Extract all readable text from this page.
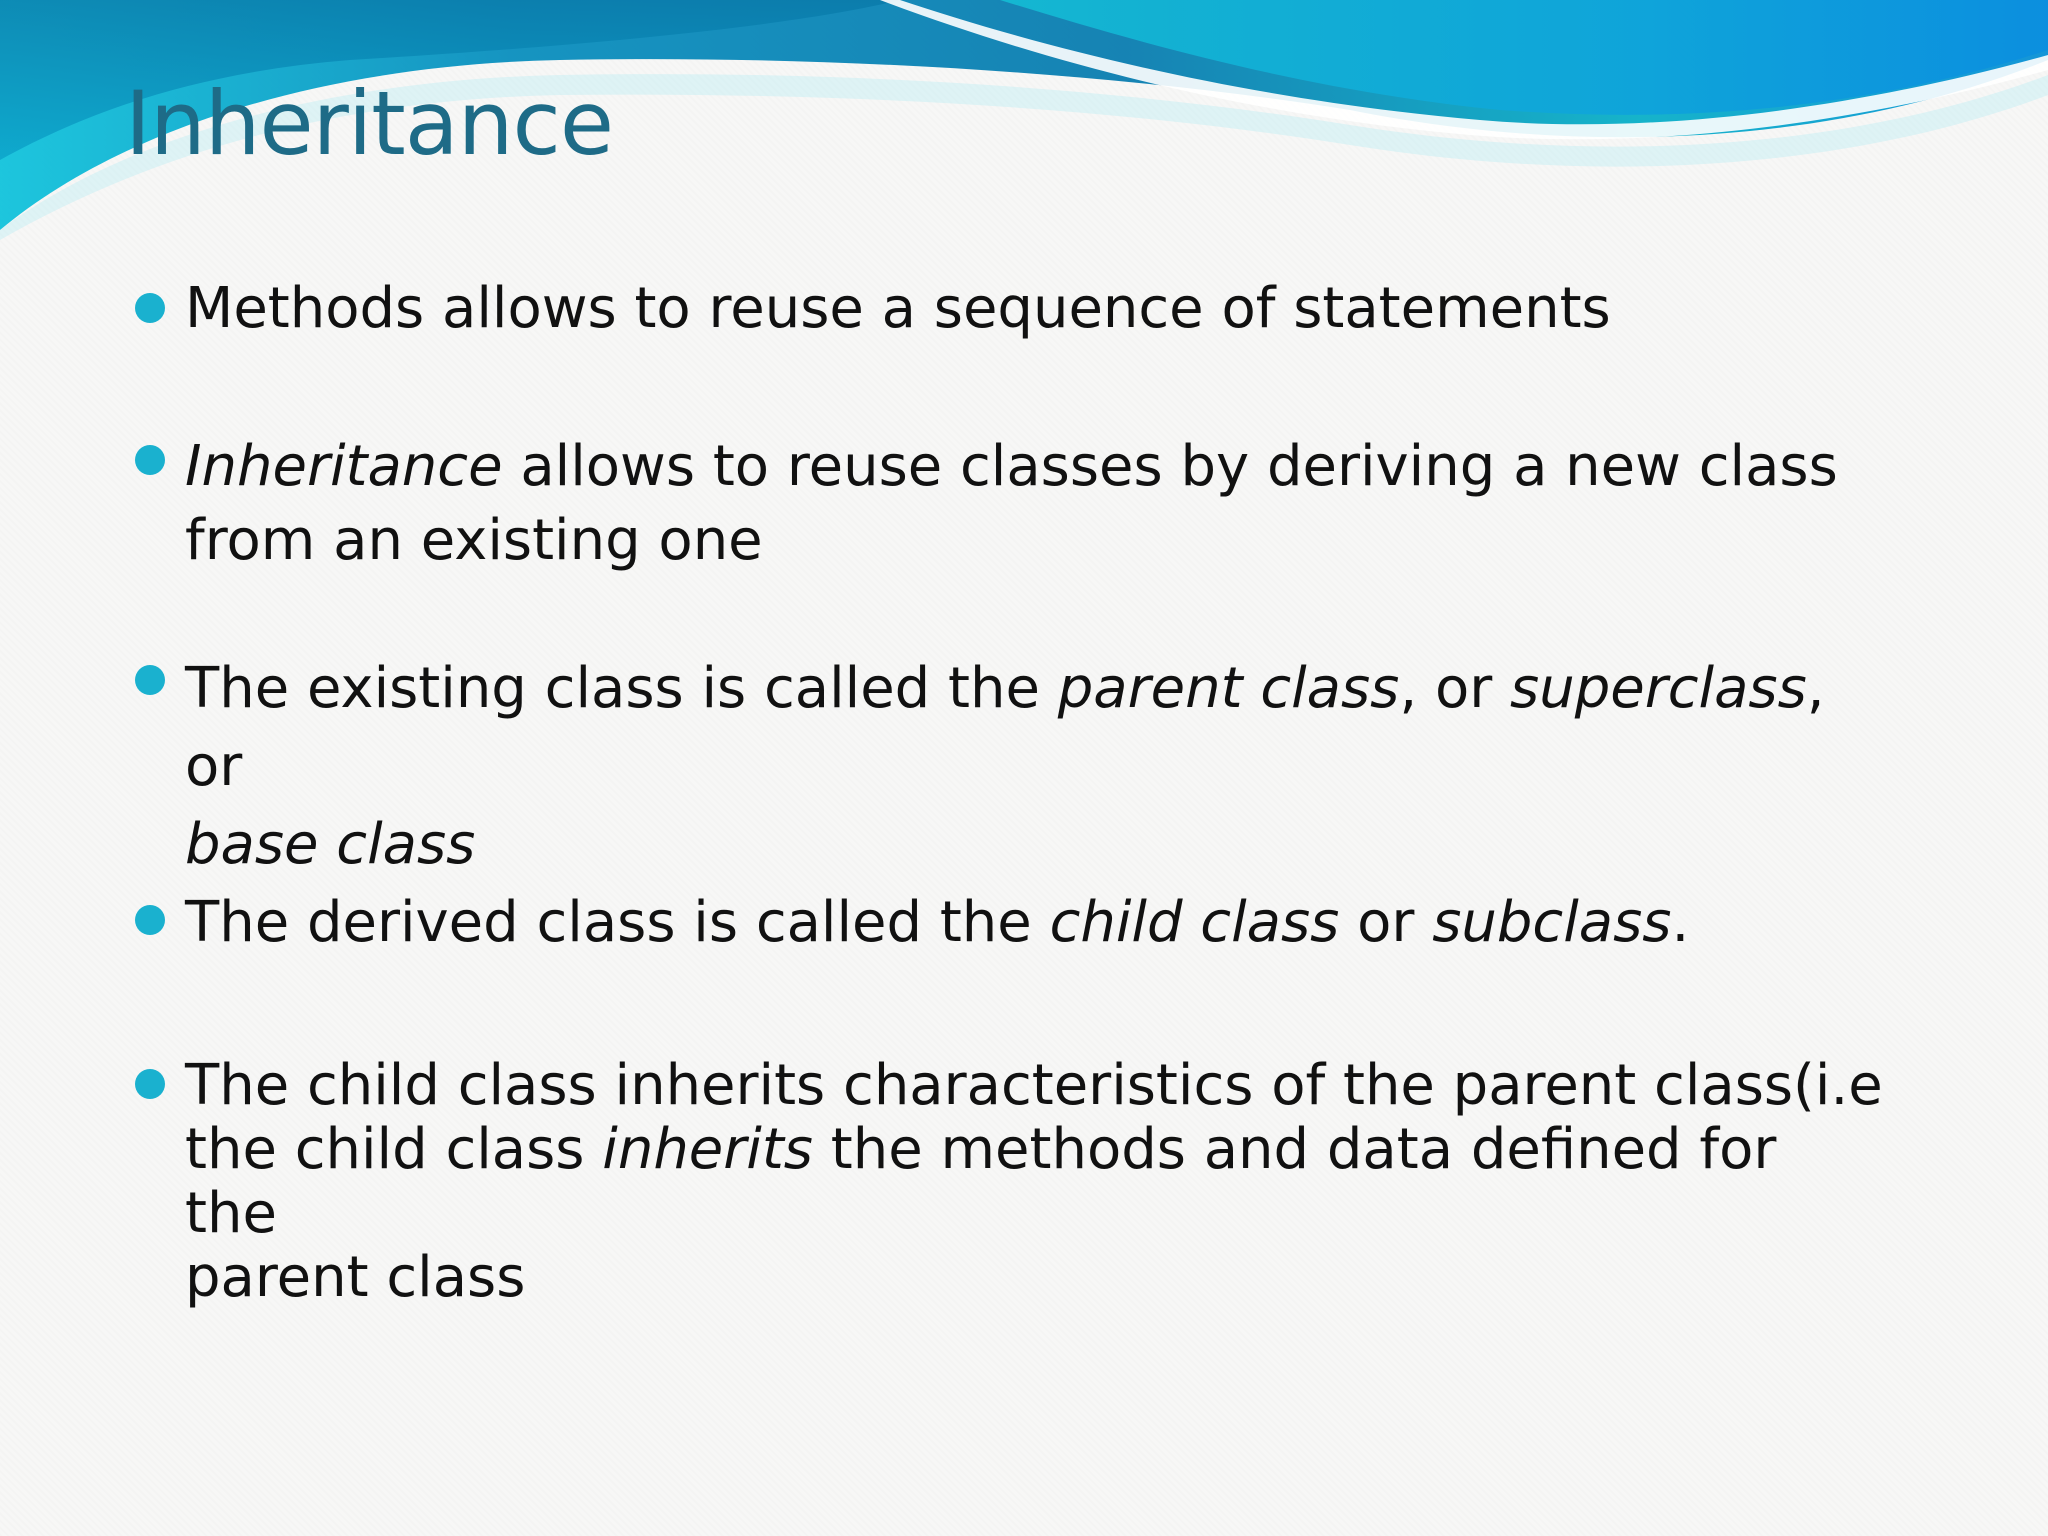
Inheritance
Methods allows to reuse a sequence of statements
Inheritance allows to reuse classes by deriving a new class
from an existing one
The existing class is called the parent class, or superclass, or
base class
The derived class is called the child class or subclass.
The child class inherits characteristics of the parent class(i.e
the child class inherits the methods and data defined for the
parent class
